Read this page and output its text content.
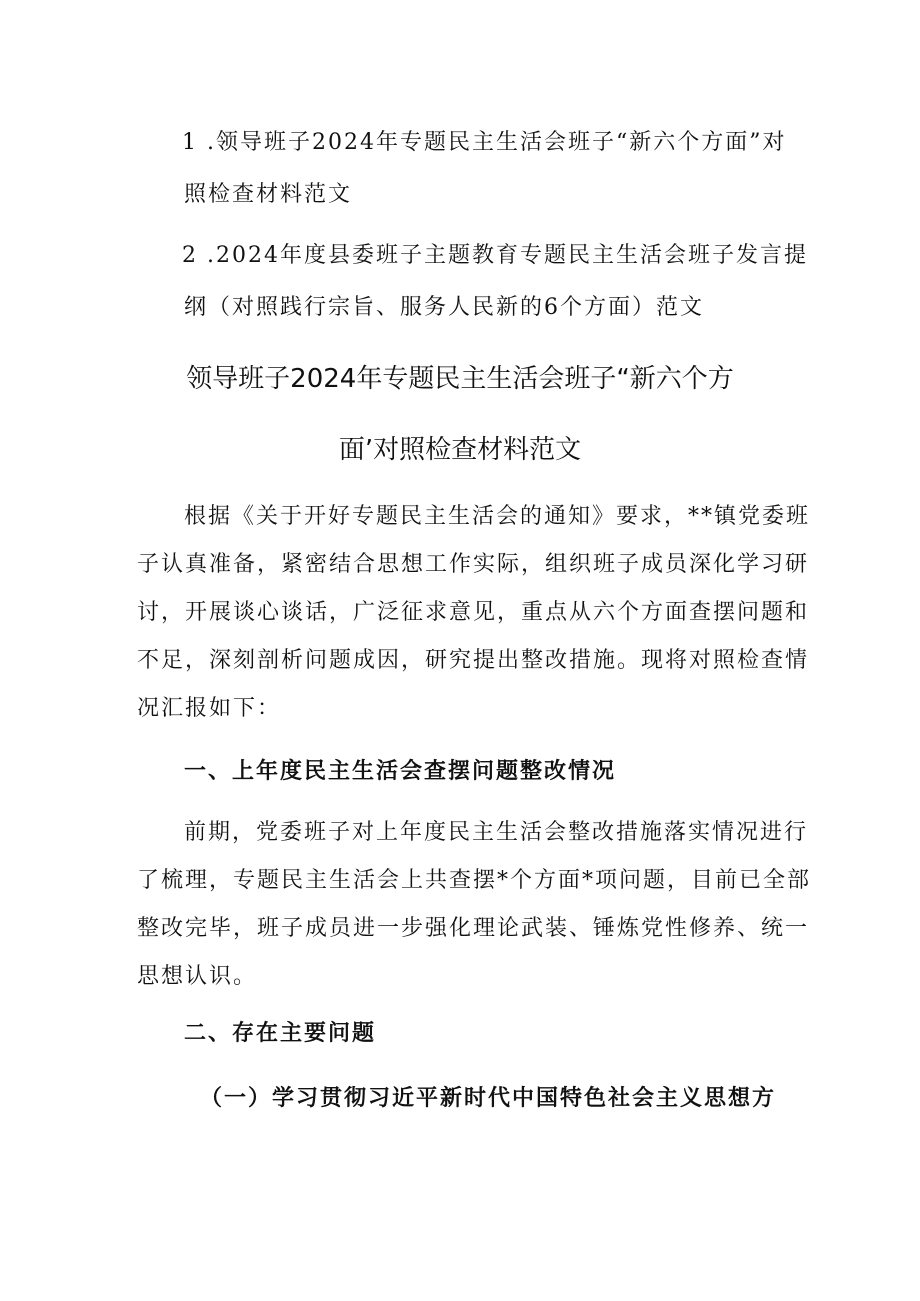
1 .领导班子2024年专题民主生活会班子“新六个方面”对
照检查材料范文
2 .2024年度县委班子主题教育专题民主生活会班子发言提
纲（对照践行宗旨、服务人民新的6个方面）范文
领导班子2024年专题民主生活会班子“新六个方
面’对照检查材料范文
根据《关于开好专题民主生活会的通知》要求，**镇党委班
子认真准备，紧密结合思想工作实际，组织班子成员深化学习研
讨，开展谈心谈话，广泛征求意见，重点从六个方面查摆问题和
不足，深刻剖析问题成因，研究提出整改措施。现将对照检查情
况汇报如下：
一、上年度民主生活会查摆问题整改情况
前期，党委班子对上年度民主生活会整改措施落实情况进行
了梳理，专题民主生活会上共查摆*个方面*项问题，目前已全部
整改完毕，班子成员进一步强化理论武装、锤炼党性修养、统一
思想认识。
二、存在主要问题
（一）学习贯彻习近平新时代中国特色社会主义思想方
